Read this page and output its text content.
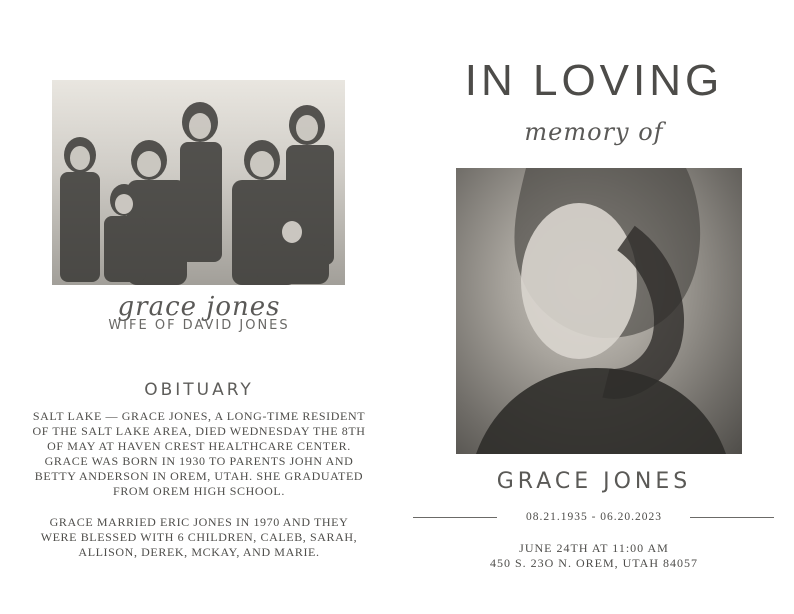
grace jones
WIFE OF DAVID JONES
OBITUARY
SALT LAKE — GRACE JONES, A LONG-TIME RESIDENT OF THE SALT LAKE AREA, DIED WEDNESDAY THE 8TH OF MAY AT HAVEN CREST HEALTHCARE CENTER. GRACE WAS BORN IN 1930 TO PARENTS JOHN AND BETTY ANDERSON IN OREM, UTAH. SHE GRADUATED FROM OREM HIGH SCHOOL.
GRACE MARRIED ERIC JONES IN 1970 AND THEY WERE BLESSED WITH 6 CHILDREN, CALEB, SARAH, ALLISON, DEREK, MCKAY, AND MARIE.
IN LOVING
memory of
GRACE JONES
08.21.1935 - 06.20.2023
JUNE 24TH AT 11:00 AM
450 S. 23O N. OREM, UTAH 84057
